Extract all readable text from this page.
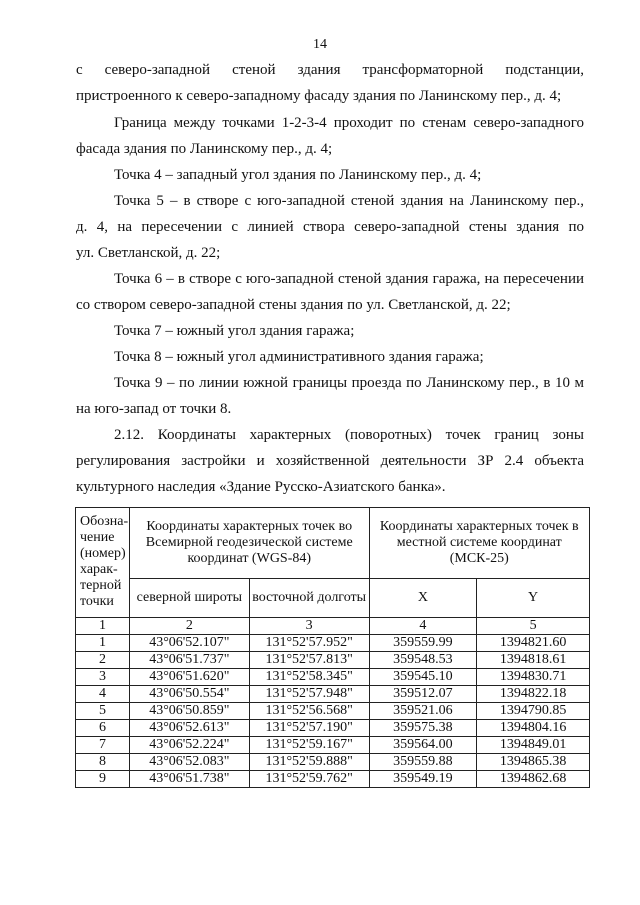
14
с северо-западной стеной здания трансформаторной подстанции,
пристроенного к северо-западному фасаду здания по Ланинскому пер., д. 4;
Граница между точками 1-2-3-4 проходит по стенам северо-западного
фасада здания по Ланинскому пер., д. 4;
Точка 4 – западный угол здания по Ланинскому пер., д. 4;
Точка 5 – в створе с юго-западной стеной здания на Ланинскому пер.,
д. 4, на пересечении с линией створа северо-западной стены здания по
ул. Светланской, д. 22;
Точка 6 – в створе с юго-западной стеной здания гаража, на пересечении
со створом северо-западной стены здания по ул. Светланской, д. 22;
Точка 7 – южный угол здания гаража;
Точка 8 – южный угол административного здания гаража;
Точка 9 – по линии южной границы проезда по Ланинскому пер., в 10 м
на юго-запад от точки 8.
2.12. Координаты характерных (поворотных) точек границ зоны
регулирования застройки и хозяйственной деятельности ЗР 2.4 объекта
культурного наследия «Здание Русско-Азиатского банка».
Обозна-чение (номер) харак-терной точки	Координаты характерных точек во Всемирной геодезической системе координат (WGS-84)		Координаты характерных точек в местной системе координат (МСК-25)	
	северной широты	восточной долготы	X	Y
1	2	3	4	5
1	43°06'52.107"	131°52'57.952"	359559.99	1394821.60
2	43°06'51.737"	131°52'57.813"	359548.53	1394818.61
3	43°06'51.620"	131°52'58.345"	359545.10	1394830.71
4	43°06'50.554"	131°52'57.948"	359512.07	1394822.18
5	43°06'50.859"	131°52'56.568"	359521.06	1394790.85
6	43°06'52.613"	131°52'57.190"	359575.38	1394804.16
7	43°06'52.224"	131°52'59.167"	359564.00	1394849.01
8	43°06'52.083"	131°52'59.888"	359559.88	1394865.38
9	43°06'51.738"	131°52'59.762"	359549.19	1394862.68
